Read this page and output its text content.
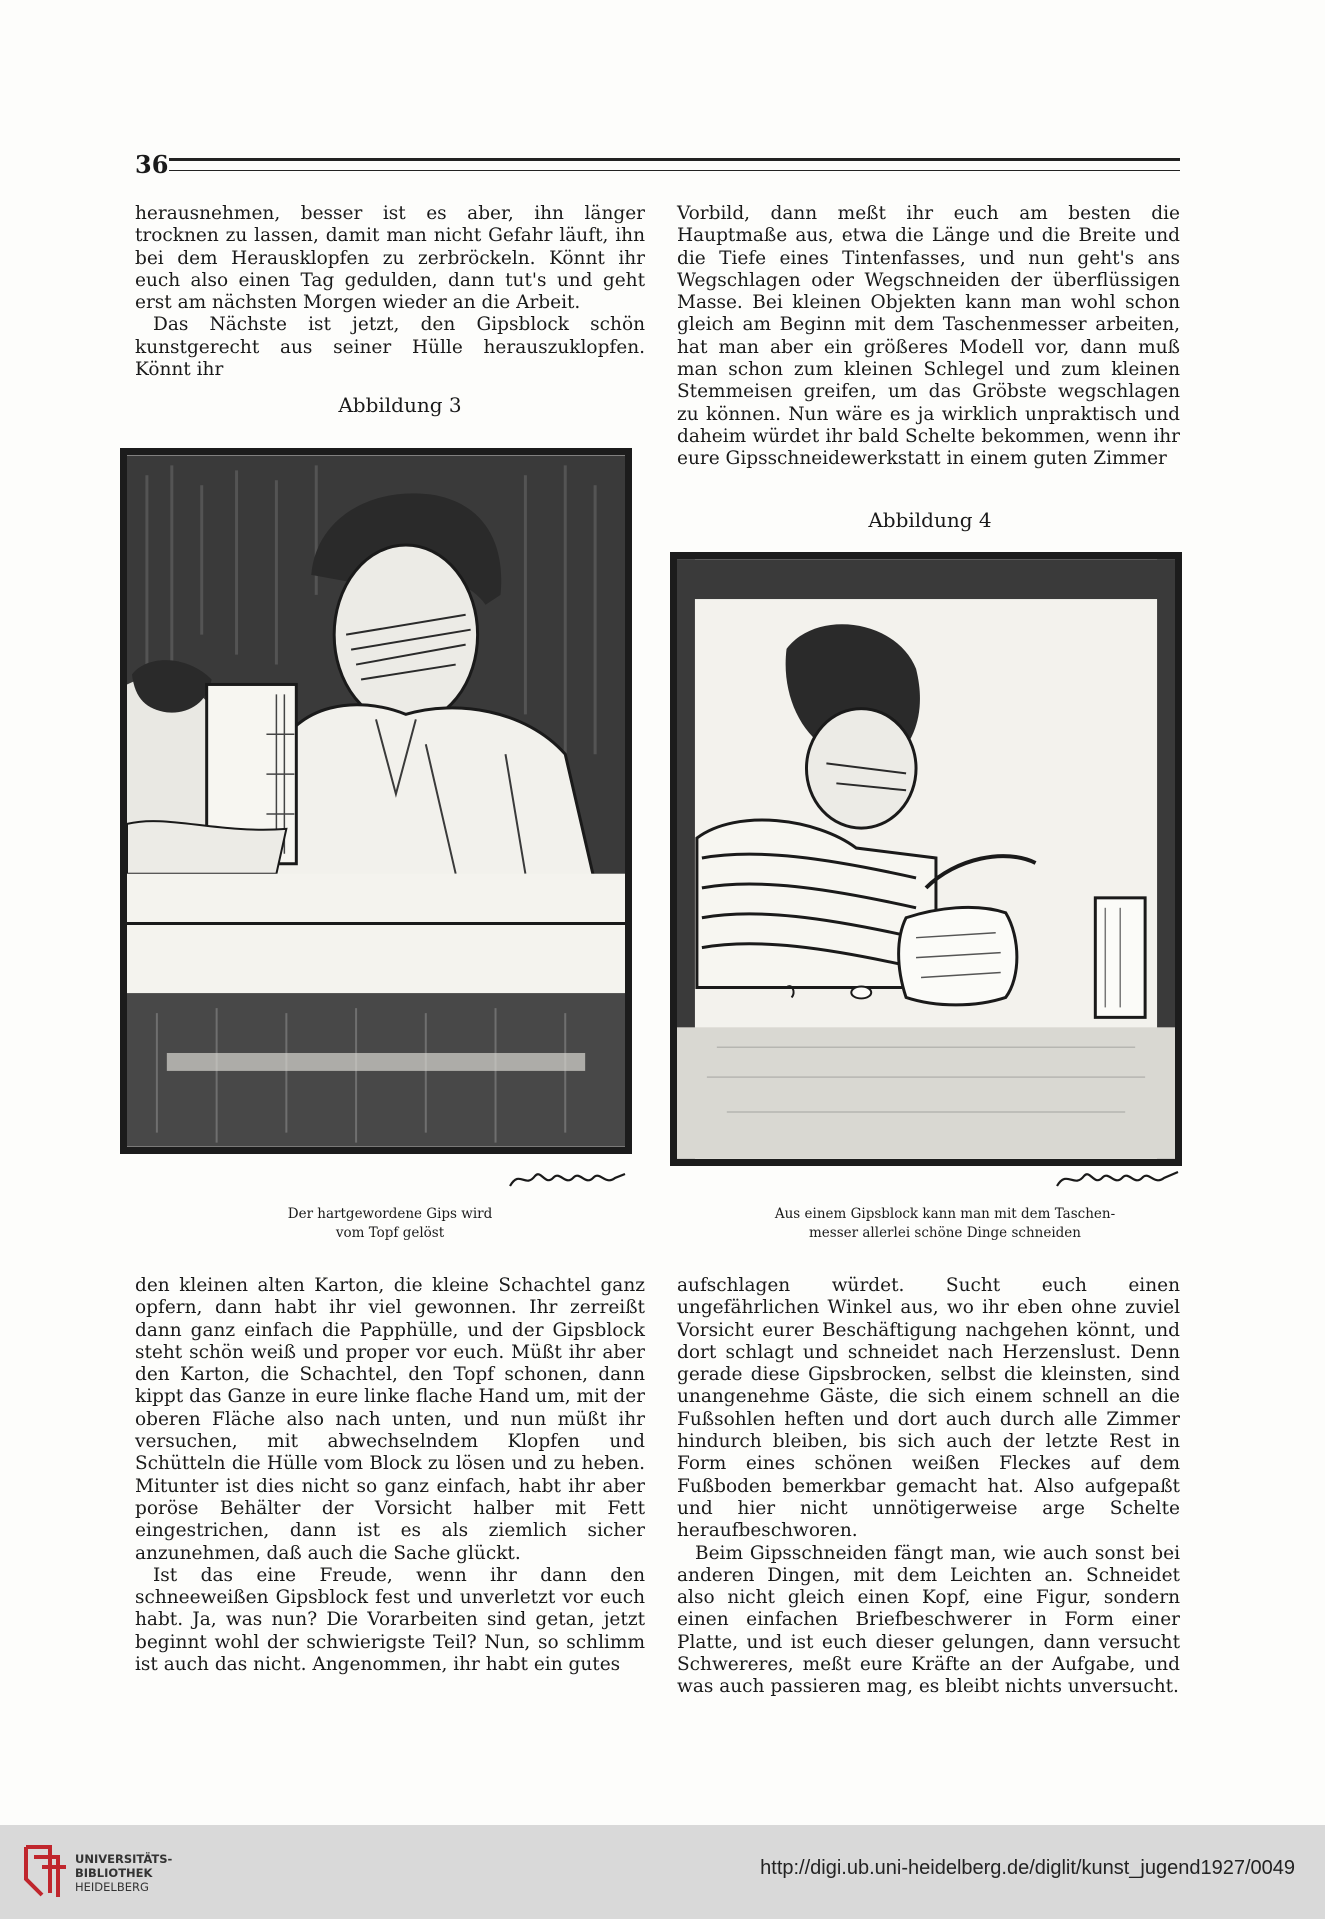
36

herausnehmen, besser ist es aber, ihn länger trocknen zu lassen, damit man nicht Gefahr läuft, ihn bei dem Herausklopfen zu zerbröckeln. Könnt ihr euch also einen Tag gedulden, dann tut's und geht erst am nächsten Morgen wieder an die Arbeit.

Das Nächste ist jetzt, den Gipsblock schön kunstgerecht aus seiner Hülle herauszuklopfen. Könnt ihr

Vorbild, dann meßt ihr euch am besten die Hauptmaße aus, etwa die Länge und die Breite und die Tiefe eines Tintenfasses, und nun geht's ans Wegschlagen oder Wegschneiden der überflüssigen Masse. Bei kleinen Objekten kann man wohl schon gleich am Beginn mit dem Taschenmesser arbeiten, hat man aber ein größeres Modell vor, dann muß man schon zum kleinen Schlegel und zum kleinen Stemmeisen greifen, um das Gröbste wegschlagen zu können. Nun wäre es ja wirklich unpraktisch und daheim würdet ihr bald Schelte bekommen, wenn ihr eure Gipsschneidewerkstatt in einem guten Zimmer

Abbildung 3
Abbildung 4
Der hartgewordene Gips wird
vom Topf gelöst
Aus einem Gipsblock kann man mit dem Taschen-
messer allerlei schöne Dinge schneiden

den kleinen alten Karton, die kleine Schachtel ganz opfern, dann habt ihr viel gewonnen. Ihr zerreißt dann ganz einfach die Papphülle, und der Gipsblock steht schön weiß und proper vor euch. Müßt ihr aber den Karton, die Schachtel, den Topf schonen, dann kippt das Ganze in eure linke flache Hand um, mit der oberen Fläche also nach unten, und nun müßt ihr versuchen, mit abwechselndem Klopfen und Schütteln die Hülle vom Block zu lösen und zu heben. Mitunter ist dies nicht so ganz einfach, habt ihr aber poröse Behälter der Vorsicht halber mit Fett eingestrichen, dann ist es als ziemlich sicher anzunehmen, daß auch die Sache glückt.

Ist das eine Freude, wenn ihr dann den schneeweißen Gipsblock fest und unverletzt vor euch habt. Ja, was nun? Die Vorarbeiten sind getan, jetzt beginnt wohl der schwierigste Teil? Nun, so schlimm ist auch das nicht. Angenommen, ihr habt ein gutes

aufschlagen würdet. Sucht euch einen ungefährlichen Winkel aus, wo ihr eben ohne zuviel Vorsicht eurer Beschäftigung nachgehen könnt, und dort schlagt und schneidet nach Herzenslust. Denn gerade diese Gipsbrocken, selbst die kleinsten, sind unangenehme Gäste, die sich einem schnell an die Fußsohlen heften und dort auch durch alle Zimmer hindurch bleiben, bis sich auch der letzte Rest in Form eines schönen weißen Fleckes auf dem Fußboden bemerkbar gemacht hat. Also aufgepaßt und hier nicht unnötigerweise arge Schelte heraufbeschworen.

Beim Gipsschneiden fängt man, wie auch sonst bei anderen Dingen, mit dem Leichten an. Schneidet also nicht gleich einen Kopf, eine Figur, sondern einen einfachen Briefbeschwerer in Form einer Platte, und ist euch dieser gelungen, dann versucht Schwereres, meßt eure Kräfte an der Aufgabe, und was auch passieren mag, es bleibt nichts unversucht.

UNIVERSITÄTS-
BIBLIOTHEK
HEIDELBERG
http://digi.ub.uni-heidelberg.de/diglit/kunst_jugend1927/0049
